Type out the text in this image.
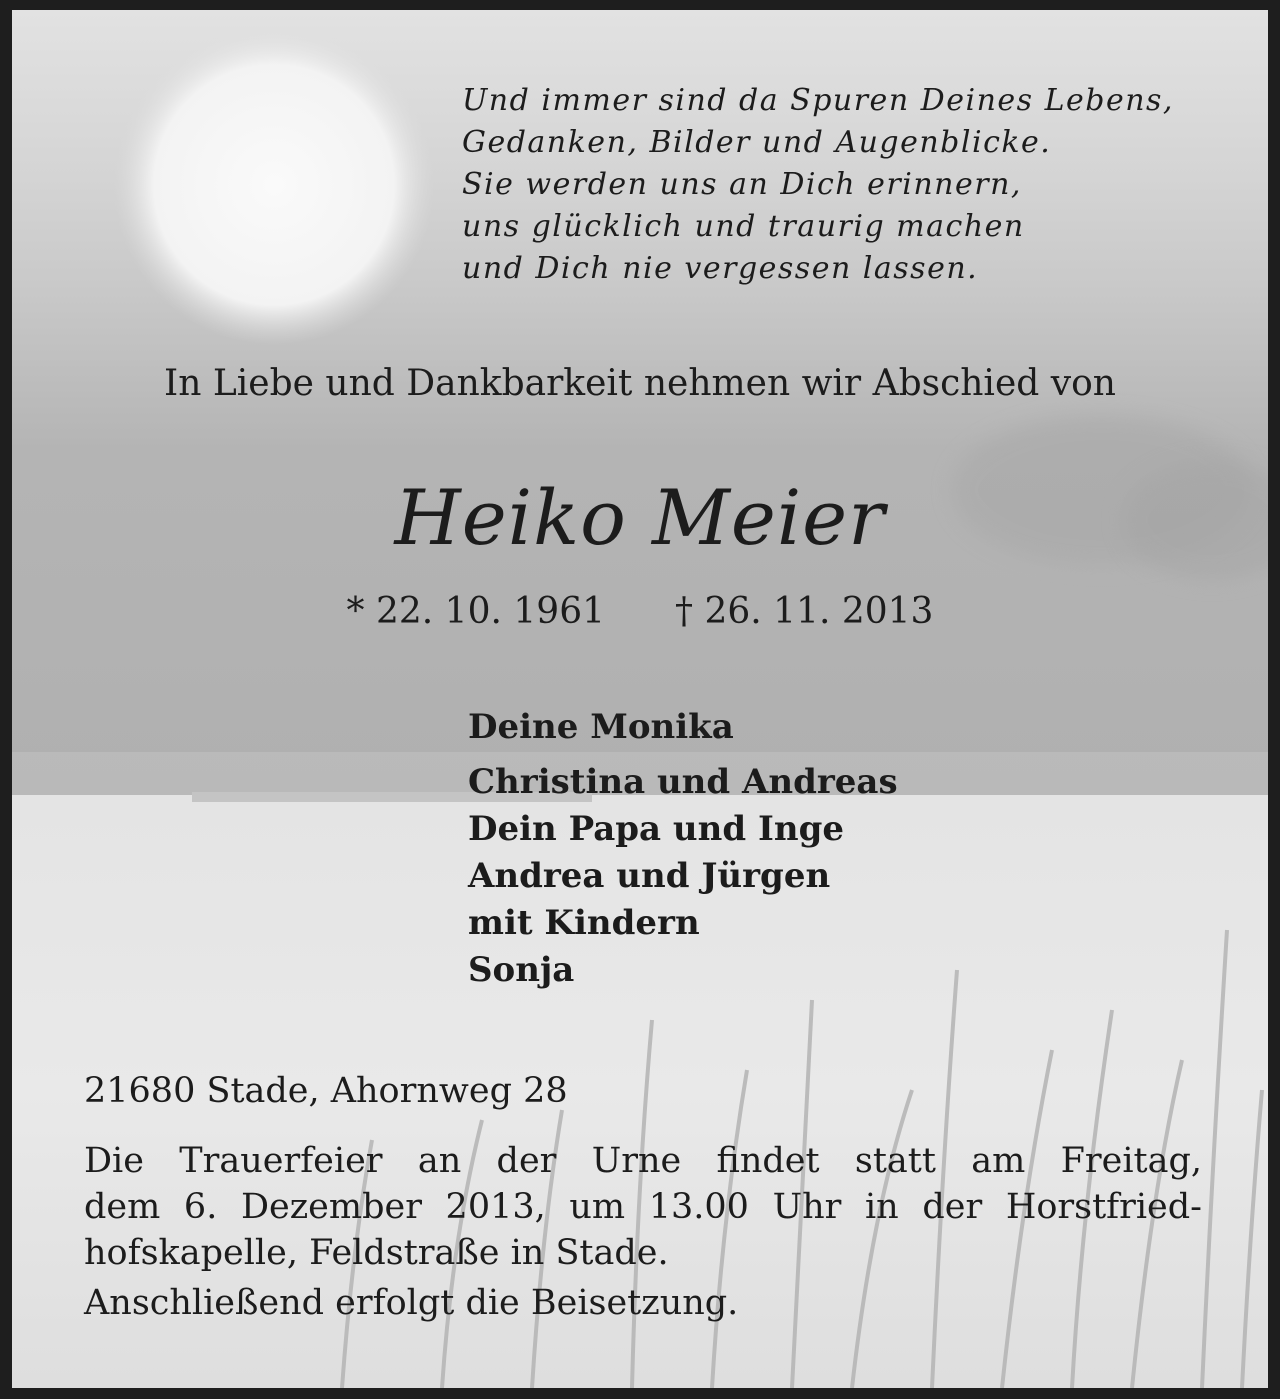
Und immer sind da Spuren Deines Lebens,
Gedanken, Bilder und Augenblicke.
Sie werden uns an Dich erinnern,
uns glücklich und traurig machen
und Dich nie vergessen lassen.
In Liebe und Dankbarkeit nehmen wir Abschied von
Heiko Meier
* 22. 10. 1961 † 26. 11. 2013
Deine Monika
Christina und Andreas
Dein Papa und Inge
Andrea und Jürgen
mit Kindern
Sonja
21680 Stade, Ahornweg 28
Die Trauerfeier an der Urne findet statt am Freitag,
dem 6. Dezember 2013, um 13.00 Uhr in der Horstfried-
hofskapelle, Feldstraße in Stade.
Anschließend erfolgt die Beisetzung.
